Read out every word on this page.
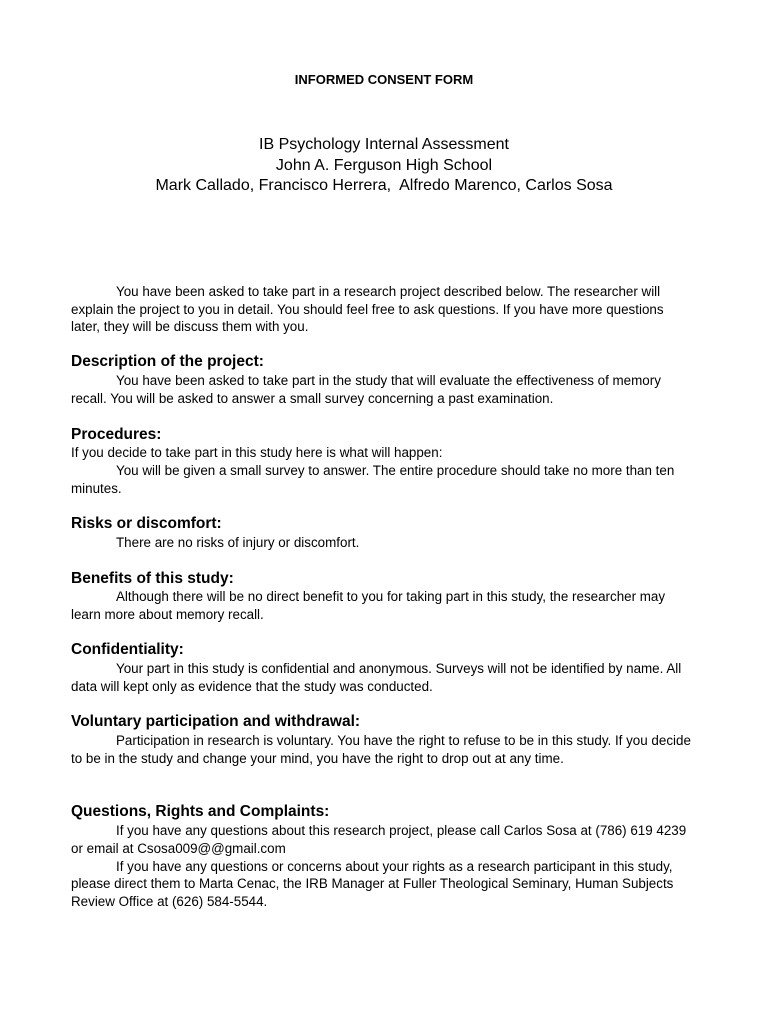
INFORMED CONSENT FORM
IB Psychology Internal Assessment
John A. Ferguson High School
Mark Callado, Francisco Herrera,  Alfredo Marenco, Carlos Sosa

You have been asked to take part in a research project described below. The researcher will explain the project to you in detail. You should feel free to ask questions. If you have more questions later, they will be discuss them with you.

Description of the project:

You have been asked to take part in the study that will evaluate the effectiveness of memory recall. You will be asked to answer a small survey concerning a past examination.

Procedures:

If you decide to take part in this study here is what will happen:

You will be given a small survey to answer. The entire procedure should take no more than ten minutes.

Risks or discomfort:

There are no risks of injury or discomfort.

Benefits of this study:

Although there will be no direct benefit to you for taking part in this study, the researcher may learn more about memory recall.

Confidentiality:

Your part in this study is confidential and anonymous. Surveys will not be identified by name. All data will kept only as evidence that the study was conducted.

Voluntary participation and withdrawal:

Participation in research is voluntary. You have the right to refuse to be in this study. If you decide to be in the study and change your mind, you have the right to drop out at any time.

Questions, Rights and Complaints:

If you have any questions about this research project, please call Carlos Sosa at (786) 619 4239 or email at Csosa009@@gmail.com

If you have any questions or concerns about your rights as a research participant in this study, please direct them to Marta Cenac, the IRB Manager at Fuller Theological Seminary, Human Subjects Review Office at (626) 584-5544.
